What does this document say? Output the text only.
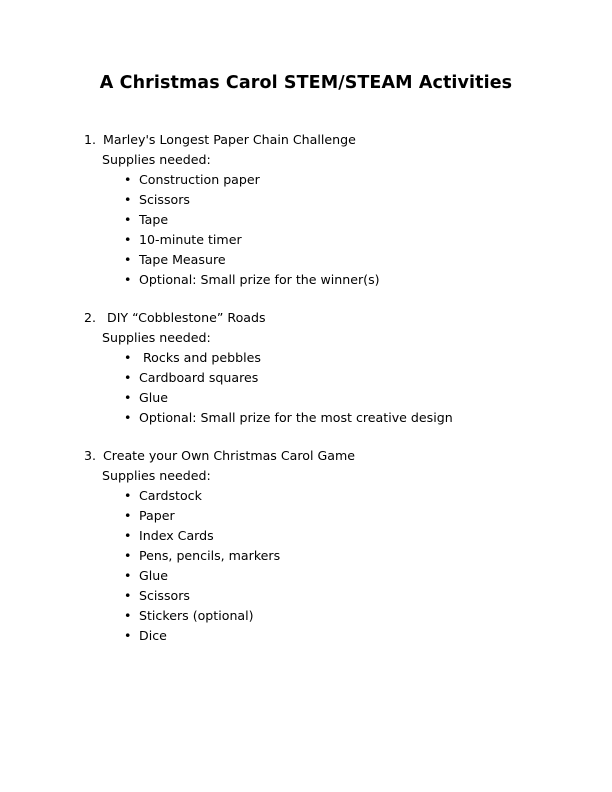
A Christmas Carol STEM/STEAM Activities
1. Marley's Longest Paper Chain Challenge
Supplies needed:
• Construction paper
• Scissors
• Tape
• 10-minute timer
• Tape Measure
• Optional: Small prize for the winner(s)
2. DIY “Cobblestone” Roads
Supplies needed:
• Rocks and pebbles
• Cardboard squares
• Glue
• Optional: Small prize for the most creative design
3. Create your Own Christmas Carol Game
Supplies needed:
• Cardstock
• Paper
• Index Cards
• Pens, pencils, markers
• Glue
• Scissors
• Stickers (optional)
• Dice
